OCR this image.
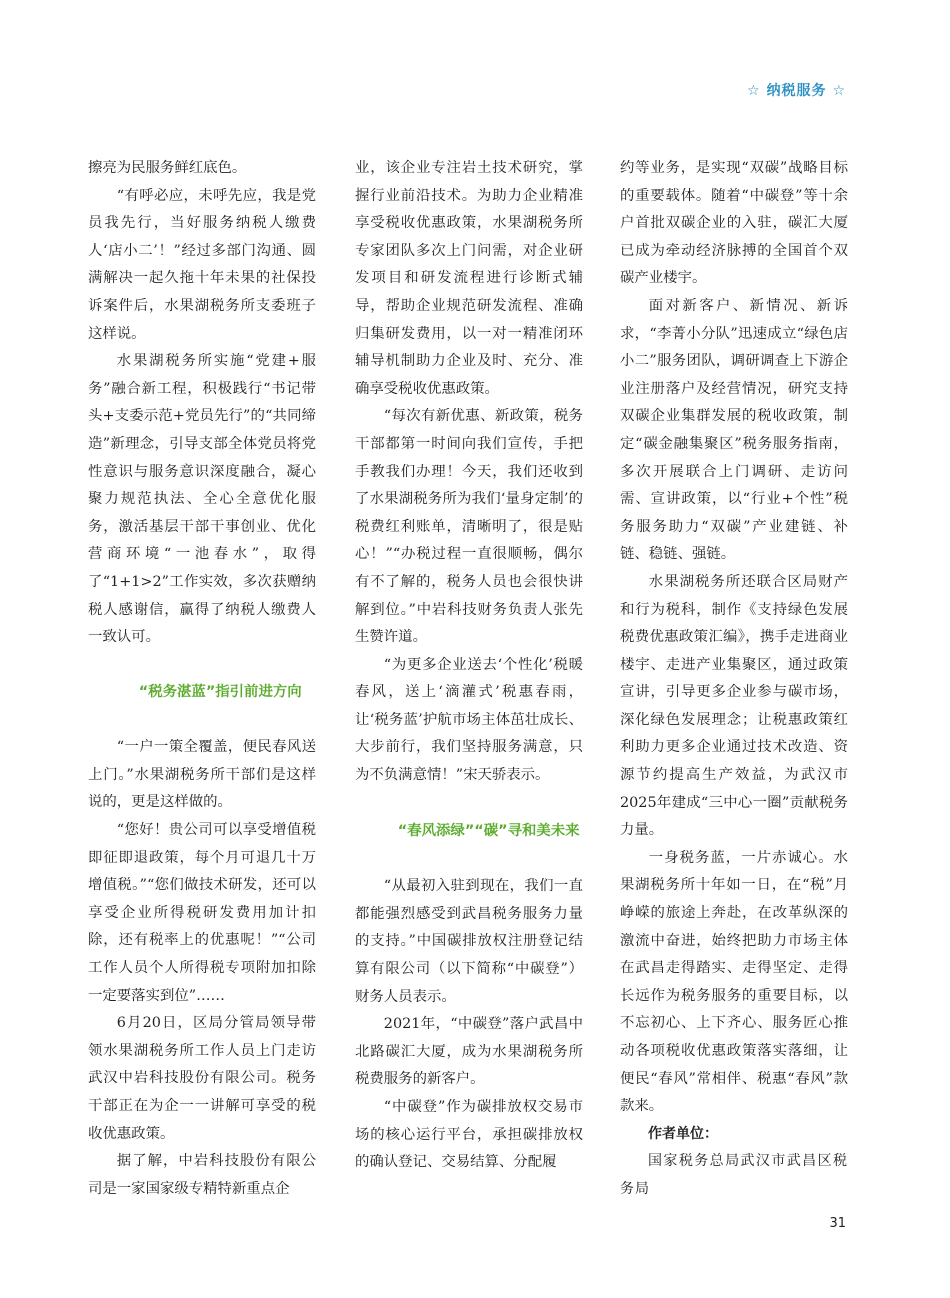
☆ 纳税服务 ☆

擦亮为民服务鲜红底色。

“有呼必应，未呼先应，我是党员我先行，当好服务纳税人缴费人‘店小二’！”经过多部门沟通、圆满解决一起久拖十年未果的社保投诉案件后，水果湖税务所支委班子这样说。

水果湖税务所实施“党建+服务”融合新工程，积极践行“书记带头+支委示范+党员先行”的“共同缔造”新理念，引导支部全体党员将党性意识与服务意识深度融合，凝心聚力规范执法、全心全意优化服务，激活基层干部干事创业、优化营商环境“一池春水”，取得了“1+1>2”工作实效，多次获赠纳税人感谢信，赢得了纳税人缴费人一致认可。

“税务湛蓝”指引前进方向

“一户一策全覆盖，便民春风送上门。”水果湖税务所干部们是这样说的，更是这样做的。

“您好！贵公司可以享受增值税即征即退政策，每个月可退几十万增值税。”“您们做技术研发，还可以享受企业所得税研发费用加计扣除，还有税率上的优惠呢！”“公司工作人员个人所得税专项附加扣除一定要落实到位”……

6月20日，区局分管局领导带领水果湖税务所工作人员上门走访武汉中岩科技股份有限公司。税务干部正在为企一一讲解可享受的税收优惠政策。

据了解，中岩科技股份有限公司是一家国家级专精特新重点企

业，该企业专注岩土技术研究，掌握行业前沿技术。为助力企业精准享受税收优惠政策，水果湖税务所专家团队多次上门问需，对企业研发项目和研发流程进行诊断式辅导，帮助企业规范研发流程、准确归集研发费用，以一对一精准闭环辅导机制助力企业及时、充分、准确享受税收优惠政策。

“每次有新优惠、新政策，税务干部都第一时间向我们宣传，手把手教我们办理！今天，我们还收到了水果湖税务所为我们‘量身定制’的税费红利账单，清晰明了，很是贴心！”“办税过程一直很顺畅，偶尔有不了解的，税务人员也会很快讲解到位。”中岩科技财务负责人张先生赞许道。

“为更多企业送去‘个性化’税暖春风，送上‘滴灌式’税惠春雨，让‘税务蓝’护航市场主体茁壮成长、大步前行，我们坚持服务满意，只为不负满意情！”宋天骄表示。

“春风添绿”“碳”寻和美未来

“从最初入驻到现在，我们一直都能强烈感受到武昌税务服务力量的支持。”中国碳排放权注册登记结算有限公司（以下简称“中碳登”）财务人员表示。

2021年，“中碳登”落户武昌中北路碳汇大厦，成为水果湖税务所税费服务的新客户。

“中碳登”作为碳排放权交易市场的核心运行平台，承担碳排放权的确认登记、交易结算、分配履

约等业务，是实现“双碳”战略目标的重要载体。随着“中碳登”等十余户首批双碳企业的入驻，碳汇大厦已成为牵动经济脉搏的全国首个双碳产业楼宇。

面对新客户、新情况、新诉求，“李菁小分队”迅速成立“绿色店小二”服务团队，调研调查上下游企业注册落户及经营情况，研究支持双碳企业集群发展的税收政策，制定“碳金融集聚区”税务服务指南，多次开展联合上门调研、走访问需、宣讲政策，以“行业+个性”税务服务助力“双碳”产业建链、补链、稳链、强链。

水果湖税务所还联合区局财产和行为税科，制作《支持绿色发展税费优惠政策汇编》，携手走进商业楼宇、走进产业集聚区，通过政策宣讲，引导更多企业参与碳市场，深化绿色发展理念；让税惠政策红利助力更多企业通过技术改造、资源节约提高生产效益，为武汉市2025年建成“三中心一圈”贡献税务力量。

一身税务蓝，一片赤诚心。水果湖税务所十年如一日，在“税”月峥嵘的旅途上奔赴，在改革纵深的激流中奋进，始终把助力市场主体在武昌走得踏实、走得坚定、走得长远作为税务服务的重要目标，以不忘初心、上下齐心、服务匠心推动各项税收优惠政策落实落细，让便民“春风”常相伴、税惠“春风”款款来。

作者单位：

国家税务总局武汉市武昌区税务局

31
